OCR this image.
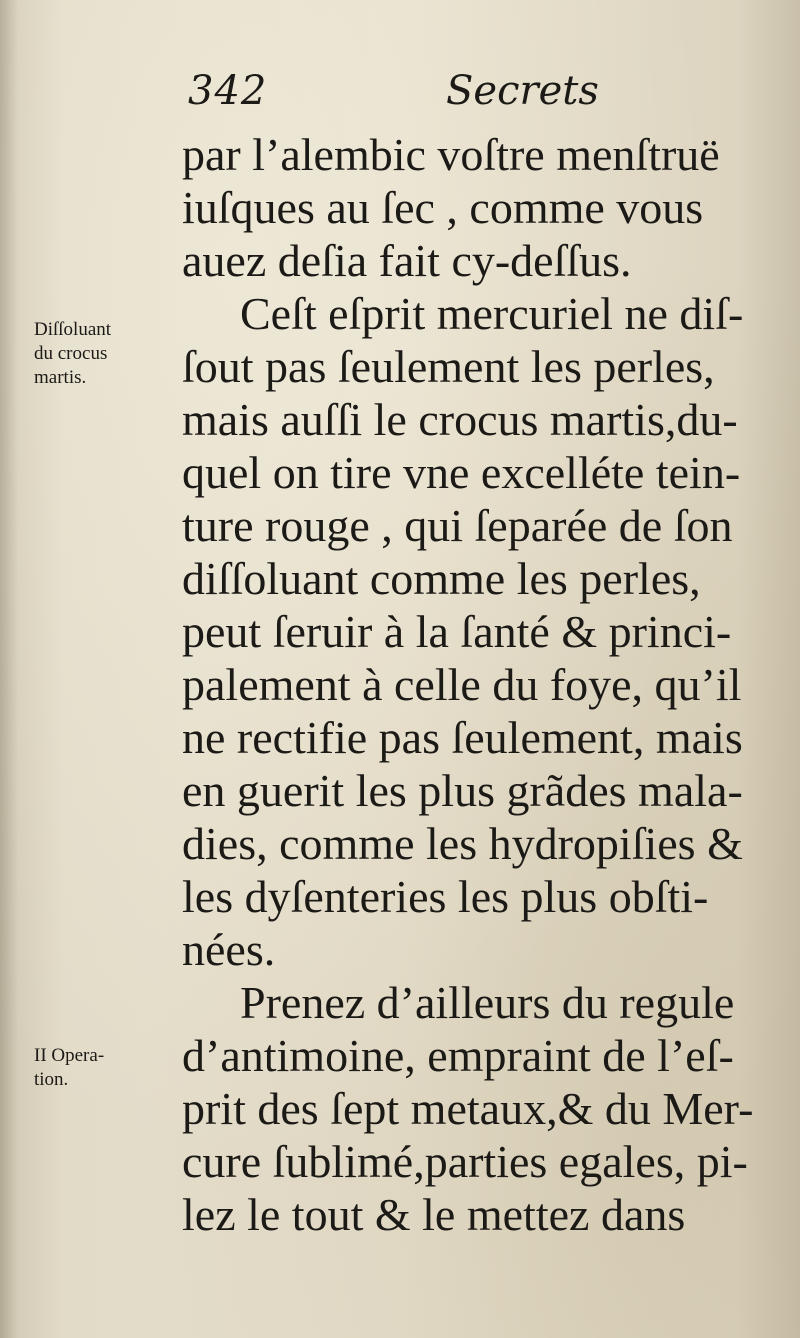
342	Secrets
Diſſoluant
du crocus
martis.
II Opera-
tion.
par l’alembic voſtre menſtruë
iuſques au ſec , comme vous
auez deſia fait cy-deſſus.
Ceſt eſprit mercuriel ne diſ-
ſout pas ſeulement les perles,
mais auſſi le crocus martis,du-
quel on tire vne excelléte tein-
ture rouge , qui ſeparée de ſon
diſſoluant comme les perles,
peut ſeruir à la ſanté & princi-
palement à celle du foye, qu’il
ne rectifie pas ſeulement, mais
en guerit les plus grãdes mala-
dies, comme les hydropiſies &
les dyſenteries les plus obſti-
nées.
Prenez d’ailleurs du regule
d’antimoine, empraint de l’eſ-
prit des ſept metaux,& du Mer-
cure ſublimé,parties egales, pi-
lez le tout & le mettez dans
